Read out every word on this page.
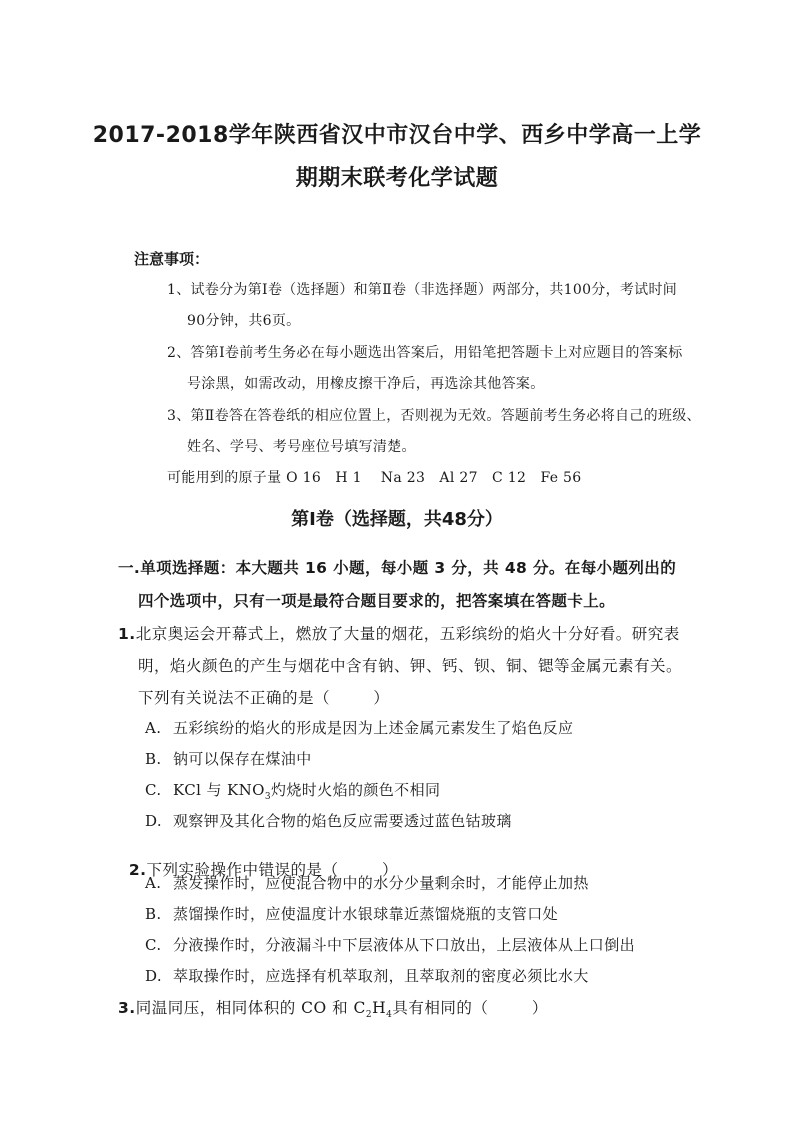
2017-2018学年陕西省汉中市汉台中学、西乡中学高一上学
期期末联考化学试题
注意事项：
1、试卷分为第Ⅰ卷（选择题）和第Ⅱ卷（非选择题）两部分，共100分，考试时间
90分钟，共6页。
2、答第Ⅰ卷前考生务必在每小题选出答案后，用铅笔把答题卡上对应题目的答案标
号涂黑，如需改动，用橡皮擦干净后，再选涂其他答案。
3、第Ⅱ卷答在答卷纸的相应位置上，否则视为无效。答题前考生务必将自己的班级、
姓名、学号、考号座位号填写清楚。
可能用到的原子量 O 16   H 1    Na 23   Al 27   C 12   Fe 56
第Ⅰ卷（选择题，共48分）
一.单项选择题：本大题共 16 小题，每小题 3 分，共 48 分。在每小题列出的
四个选项中，只有一项是最符合题目要求的，把答案填在答题卡上。
1.北京奥运会开幕式上，燃放了大量的烟花，五彩缤纷的焰火十分好看。研究表
明，焰火颜色的产生与烟花中含有钠、钾、钙、钡、铜、锶等金属元素有关。
下列有关说法不正确的是（        ）
A. 五彩缤纷的焰火的形成是因为上述金属元素发生了焰色反应
B. 钠可以保存在煤油中
C. KCl 与 $KNO_3$灼烧时火焰的颜色不相同
D. 观察钾及其化合物的焰色反应需要透过蓝色钴玻璃

2.下列实验操作中错误的是（        ）

A. 蒸发操作时，应使混合物中的水分少量剩余时，才能停止加热
B. 蒸馏操作时，应使温度计水银球靠近蒸馏烧瓶的支管口处
C. 分液操作时，分液漏斗中下层液体从下口放出，上层液体从上口倒出
D. 萃取操作时，应选择有机萃取剂，且萃取剂的密度必须比水大
3.同温同压，相同体积的 CO 和 $C_2H_4$具有相同的（        ）
